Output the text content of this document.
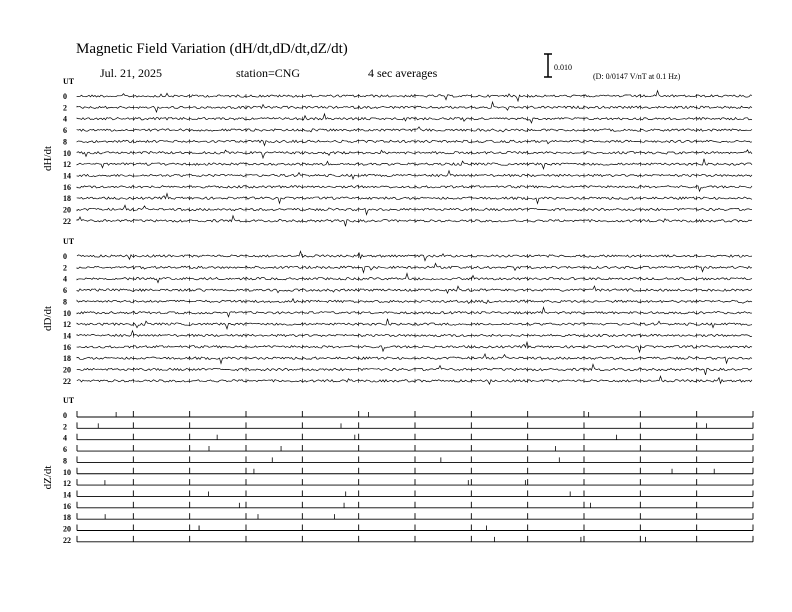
Magnetic Field Variation (dH/dt,dD/dt,dZ/dt)
Jul. 21, 2025	station=CNG	4 sec averages	0.010
(D: 0/0147 V/nT at 0.1 Hz)
UT
dH/dt
0
2
4
6
8
10
12
14
16
18
20
22
UT
dD/dt
0
2
4
6
8
10
12
14
16
18
20
22
UT
dZ/dt
0
2
4
6
8
10
12
14
16
18
20
22
